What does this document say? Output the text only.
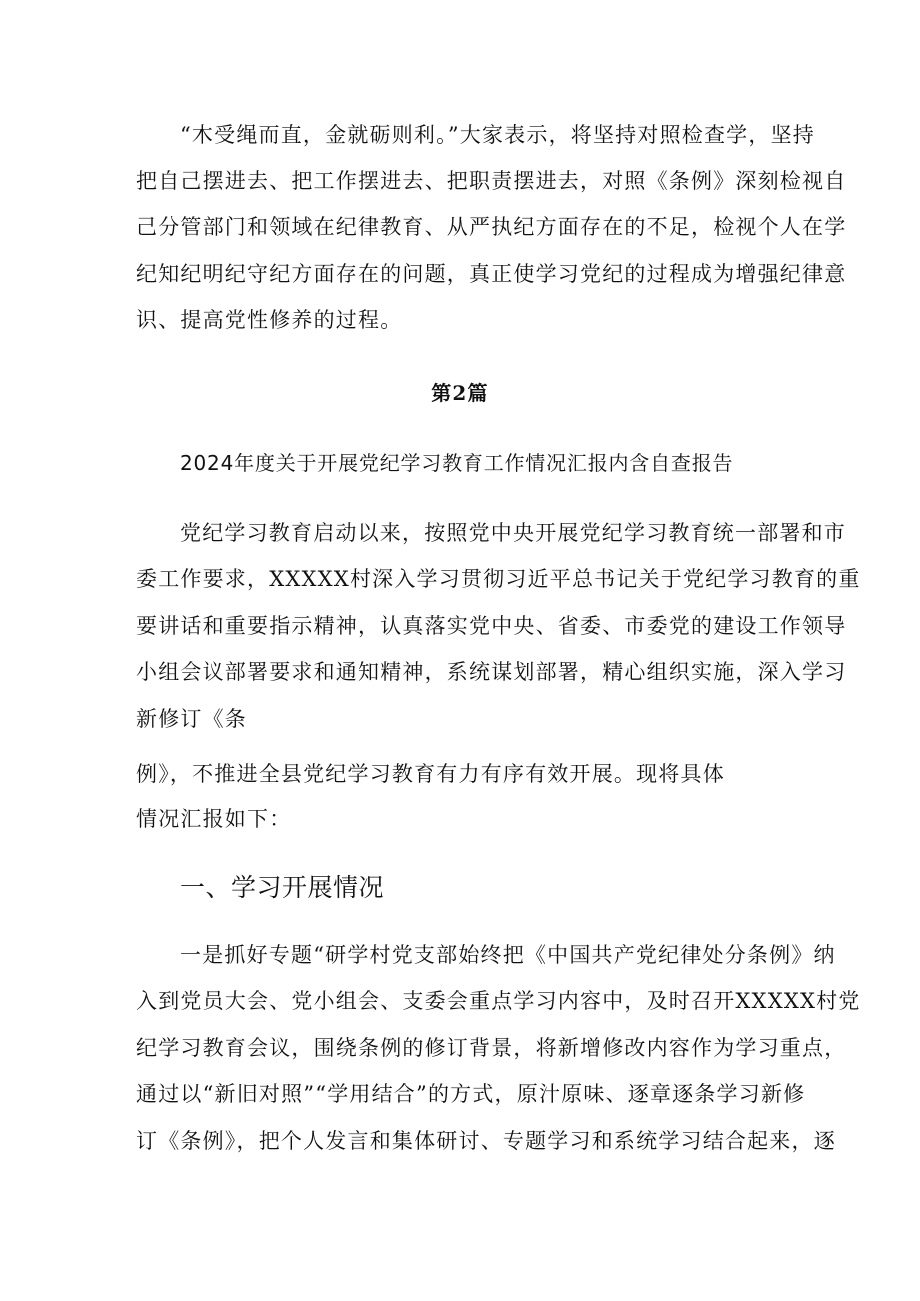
“木受绳而直，金就砺则利。”大家表示，将坚持对照检查学，坚持
把自己摆进去、把工作摆进去、把职责摆进去，对照《条例》深刻检视自
己分管部门和领域在纪律教育、从严执纪方面存在的不足，检视个人在学
纪知纪明纪守纪方面存在的问题，真正使学习党纪的过程成为增强纪律意
识、提高党性修养的过程。
第2篇
2024年度关于开展党纪学习教育工作情况汇报内含自查报告
党纪学习教育启动以来，按照党中央开展党纪学习教育统一部署和市
委工作要求，XXXXX村深入学习贯彻习近平总书记关于党纪学习教育的重
要讲话和重要指示精神，认真落实党中央、省委、市委党的建设工作领导
小组会议部署要求和通知精神，系统谋划部署，精心组织实施，深入学习
新修订《条
例》，不推进全县党纪学习教育有力有序有效开展。现将具体
情况汇报如下：
一、学习开展情况
一是抓好专题“研学村党支部始终把《中国共产党纪律处分条例》纳
入到党员大会、党小组会、支委会重点学习内容中，及时召开XXXXX村党
纪学习教育会议，围绕条例的修订背景，将新增修改内容作为学习重点，
通过以“新旧对照”“学用结合”的方式，原汁原味、逐章逐条学习新修
订《条例》，把个人发言和集体研讨、专题学习和系统学习结合起来，逐
